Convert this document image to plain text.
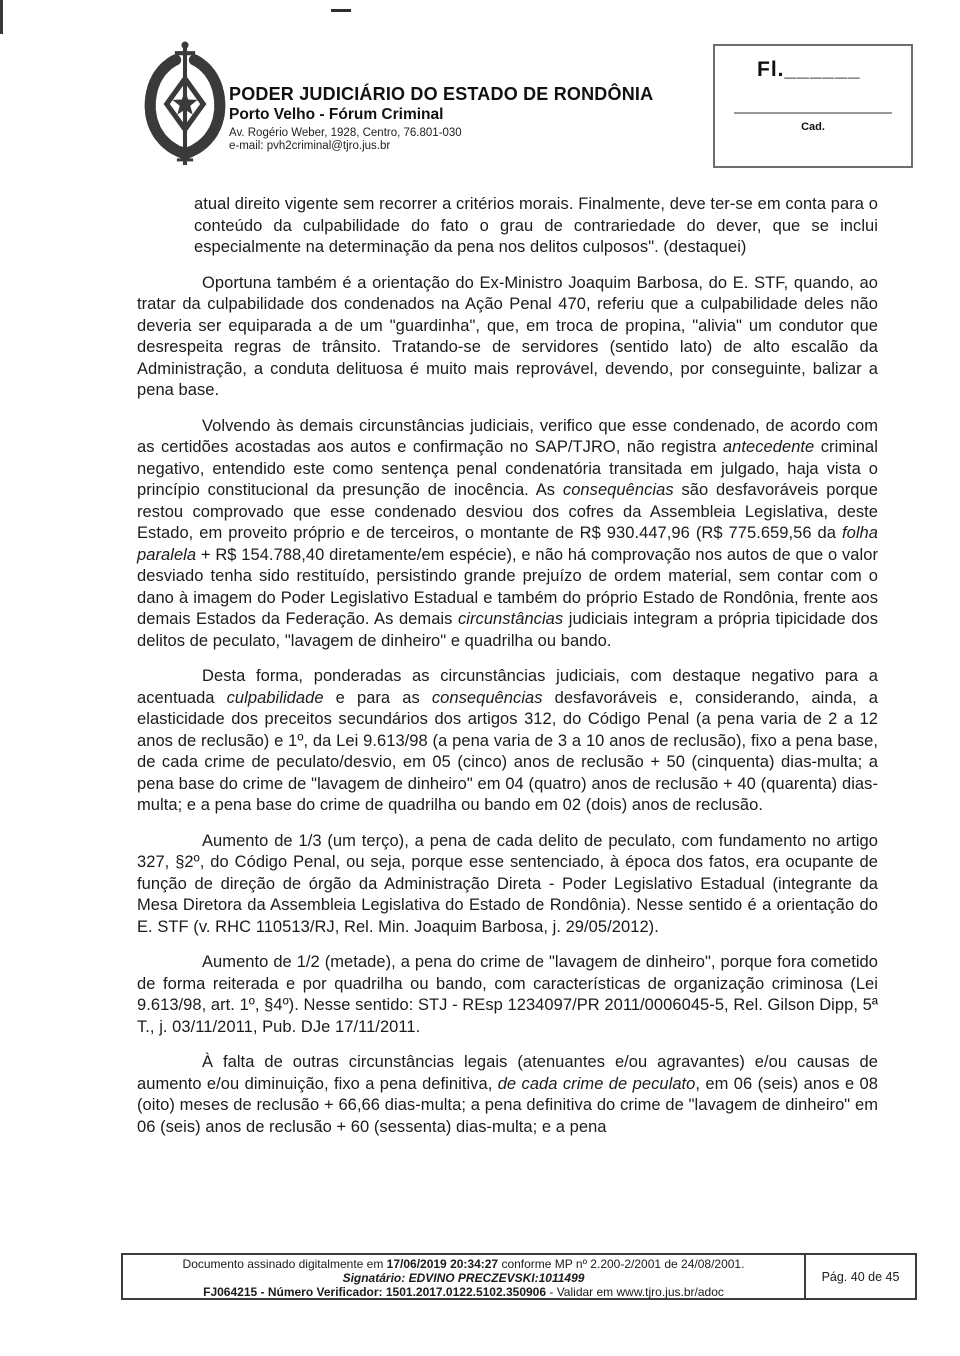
PODER JUDICIÁRIO DO ESTADO DE RONDÔNIA
Porto Velho - Fórum Criminal
Av. Rogério Weber, 1928, Centro, 76.801-030
e-mail: pvh2criminal@tjro.jus.br
Fl.______
Cad.

atual direito vigente sem recorrer a critérios morais. Finalmente, deve ter-se em conta para o conteúdo da culpabilidade do fato o grau de contrariedade do dever, que se inclui especialmente na determinação da pena nos delitos culposos". (destaquei)

Oportuna também é a orientação do Ex-Ministro Joaquim Barbosa, do E. STF, quando, ao tratar da culpabilidade dos condenados na Ação Penal 470, referiu que a culpabilidade deles não deveria ser equiparada a de um "guardinha", que, em troca de propina, "alivia" um condutor que desrespeita regras de trânsito. Tratando-se de servidores (sentido lato) de alto escalão da Administração, a conduta delituosa é muito mais reprovável, devendo, por conseguinte, balizar a pena base.

Volvendo às demais circunstâncias judiciais, verifico que esse condenado, de acordo com as certidões acostadas aos autos e confirmação no SAP/TJRO, não registra antecedente criminal negativo, entendido este como sentença penal condenatória transitada em julgado, haja vista o princípio constitucional da presunção de inocência. As consequências são desfavoráveis porque restou comprovado que esse condenado desviou dos cofres da Assembleia Legislativa, deste Estado, em proveito próprio e de terceiros, o montante de R$ 930.447,96 (R$ 775.659,56 da folha paralela + R$ 154.788,40 diretamente/em espécie), e não há comprovação nos autos de que o valor desviado tenha sido restituído, persistindo grande prejuízo de ordem material, sem contar com o dano à imagem do Poder Legislativo Estadual e também do próprio Estado de Rondônia, frente aos demais Estados da Federação. As demais circunstâncias judiciais integram a própria tipicidade dos delitos de peculato, "lavagem de dinheiro" e quadrilha ou bando.

Desta forma, ponderadas as circunstâncias judiciais, com destaque negativo para a acentuada culpabilidade e para as consequências desfavoráveis e, considerando, ainda, a elasticidade dos preceitos secundários dos artigos 312, do Código Penal (a pena varia de 2 a 12 anos de reclusão) e 1º, da Lei 9.613/98 (a pena varia de 3 a 10 anos de reclusão), fixo a pena base, de cada crime de peculato/desvio, em 05 (cinco) anos de reclusão + 50 (cinquenta) dias-multa; a pena base do crime de "lavagem de dinheiro" em 04 (quatro) anos de reclusão + 40 (quarenta) dias-multa; e a pena base do crime de quadrilha ou bando em 02 (dois) anos de reclusão.

Aumento de 1/3 (um terço), a pena de cada delito de peculato, com fundamento no artigo 327, §2º, do Código Penal, ou seja, porque esse sentenciado, à época dos fatos, era ocupante de função de direção de órgão da Administração Direta - Poder Legislativo Estadual (integrante da Mesa Diretora da Assembleia Legislativa do Estado de Rondônia). Nesse sentido é a orientação do E. STF (v. RHC 110513/RJ, Rel. Min. Joaquim Barbosa, j. 29/05/2012).

Aumento de 1/2 (metade), a pena do crime de "lavagem de dinheiro", porque fora cometido de forma reiterada e por quadrilha ou bando, com características de organização criminosa (Lei 9.613/98, art. 1º, §4º). Nesse sentido: STJ - REsp 1234097/PR 2011/0006045-5, Rel. Gilson Dipp, 5ª T., j. 03/11/2011, Pub. DJe 17/11/2011.

À falta de outras circunstâncias legais (atenuantes e/ou agravantes) e/ou causas de aumento e/ou diminuição, fixo a pena definitiva, de cada crime de peculato, em 06 (seis) anos e 08 (oito) meses de reclusão + 66,66 dias-multa; a pena definitiva do crime de "lavagem de dinheiro" em 06 (seis) anos de reclusão + 60 (sessenta) dias-multa; e a pena

Documento assinado digitalmente em 17/06/2019 20:34:27 conforme MP nº 2.200-2/2001 de 24/08/2001.
Signatário: EDVINO PRECZEVSKI:1011499
FJ064215 - Número Verificador: 1501.2017.0122.5102.350906 - Validar em www.tjro.jus.br/adoc
Pág. 40 de 45
